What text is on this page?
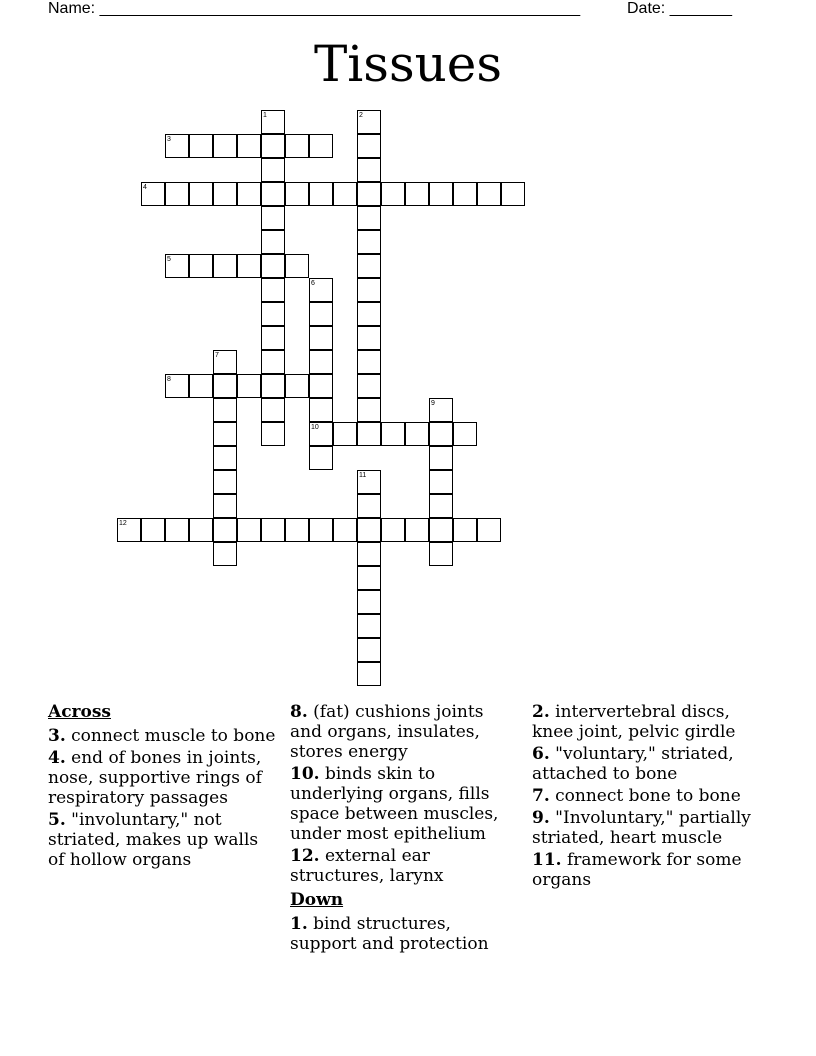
Name: ______________________________________________________	Date: _______
Tissues
1	2
3
4
5
6
10
7
8
9
11
12
Across
3. connect muscle to bone
4. end of bones in joints, nose, supportive rings of respiratory passages
5. "involuntary," not striated, makes up walls of hollow organs
8. (fat) cushions joints and organs, insulates, stores energy
10. binds skin to underlying organs, fills space between muscles, under most epithelium
12. external ear structures, larynx
Down
1. bind structures, support and protection
2. intervertebral discs, knee joint, pelvic girdle
6. "voluntary," striated, attached to bone
7. connect bone to bone
9. "Involuntary," partially striated, heart muscle
11. framework for some organs
